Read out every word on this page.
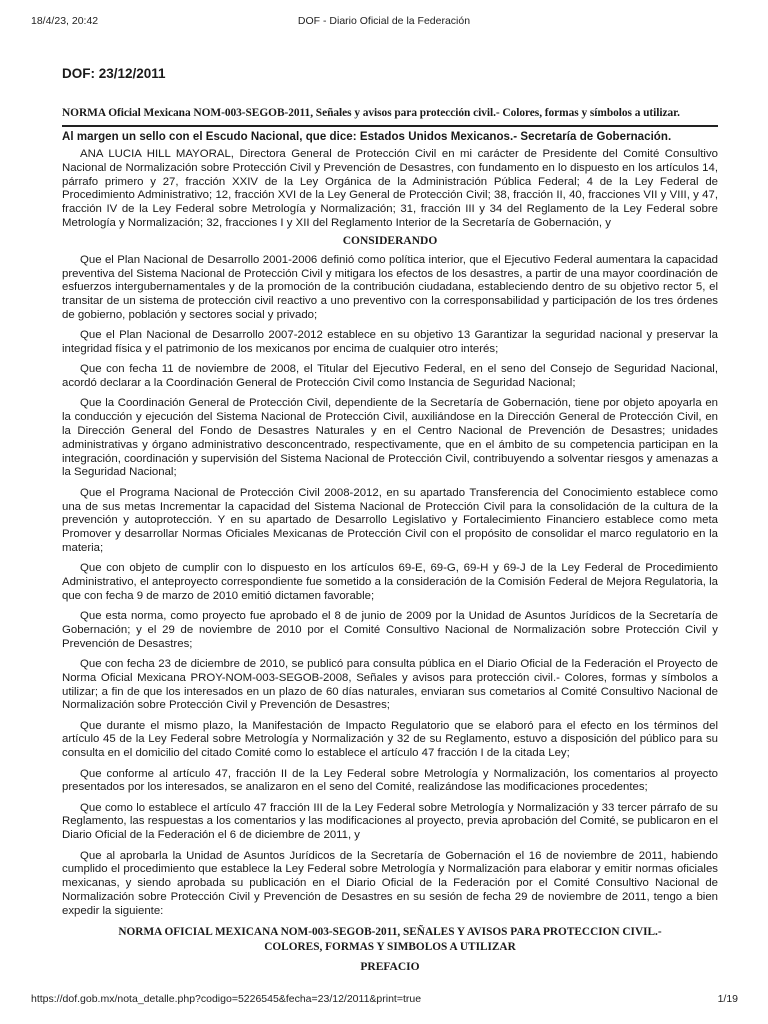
18/4/23, 20:42	DOF - Diario Oficial de la Federación
DOF: 23/12/2011
NORMA Oficial Mexicana NOM-003-SEGOB-2011, Señales y avisos para protección civil.- Colores, formas y símbolos a utilizar.
Al margen un sello con el Escudo Nacional, que dice: Estados Unidos Mexicanos.- Secretaría de Gobernación.

ANA LUCIA HILL MAYORAL, Directora General de Protección Civil en mi carácter de Presidente del Comité Consultivo Nacional de Normalización sobre Protección Civil y Prevención de Desastres, con fundamento en lo dispuesto en los artículos 14, párrafo primero y 27, fracción XXIV de la Ley Orgánica de la Administración Pública Federal; 4 de la Ley Federal de Procedimiento Administrativo; 12, fracción XVI de la Ley General de Protección Civil; 38, fracción II, 40, fracciones VII y VIII, y 47, fracción IV de la Ley Federal sobre Metrología y Normalización; 31, fracción III y 34 del Reglamento de la Ley Federal sobre Metrología y Normalización; 32, fracciones I y XII del Reglamento Interior de la Secretaría de Gobernación, y

CONSIDERANDO

Que el Plan Nacional de Desarrollo 2001-2006 definió como política interior, que el Ejecutivo Federal aumentara la capacidad preventiva del Sistema Nacional de Protección Civil y mitigara los efectos de los desastres, a partir de una mayor coordinación de esfuerzos intergubernamentales y de la promoción de la contribución ciudadana, estableciendo dentro de su objetivo rector 5, el transitar de un sistema de protección civil reactivo a uno preventivo con la corresponsabilidad y participación de los tres órdenes de gobierno, población y sectores social y privado;

Que el Plan Nacional de Desarrollo 2007-2012 establece en su objetivo 13 Garantizar la seguridad nacional y preservar la integridad física y el patrimonio de los mexicanos por encima de cualquier otro interés;

Que con fecha 11 de noviembre de 2008, el Titular del Ejecutivo Federal, en el seno del Consejo de Seguridad Nacional, acordó declarar a la Coordinación General de Protección Civil como Instancia de Seguridad Nacional;

Que la Coordinación General de Protección Civil, dependiente de la Secretaría de Gobernación, tiene por objeto apoyarla en la conducción y ejecución del Sistema Nacional de Protección Civil, auxiliándose en la Dirección General de Protección Civil, en la Dirección General del Fondo de Desastres Naturales y en el Centro Nacional de Prevención de Desastres; unidades administrativas y órgano administrativo desconcentrado, respectivamente, que en el ámbito de su competencia participan en la integración, coordinación y supervisión del Sistema Nacional de Protección Civil, contribuyendo a solventar riesgos y amenazas a la Seguridad Nacional;

Que el Programa Nacional de Protección Civil 2008-2012, en su apartado Transferencia del Conocimiento establece como una de sus metas Incrementar la capacidad del Sistema Nacional de Protección Civil para la consolidación de la cultura de la prevención y autoprotección. Y en su apartado de Desarrollo Legislativo y Fortalecimiento Financiero establece como meta Promover y desarrollar Normas Oficiales Mexicanas de Protección Civil con el propósito de consolidar el marco regulatorio en la materia;

Que con objeto de cumplir con lo dispuesto en los artículos 69-E, 69-G, 69-H y 69-J de la Ley Federal de Procedimiento Administrativo, el anteproyecto correspondiente fue sometido a la consideración de la Comisión Federal de Mejora Regulatoria, la que con fecha 9 de marzo de 2010 emitió dictamen favorable;

Que esta norma, como proyecto fue aprobado el 8 de junio de 2009 por la Unidad de Asuntos Jurídicos de la Secretaría de Gobernación; y el 29 de noviembre de 2010 por el Comité Consultivo Nacional de Normalización sobre Protección Civil y Prevención de Desastres;

Que con fecha 23 de diciembre de 2010, se publicó para consulta pública en el Diario Oficial de la Federación el Proyecto de Norma Oficial Mexicana PROY-NOM-003-SEGOB-2008, Señales y avisos para protección civil.- Colores, formas y símbolos a utilizar; a fin de que los interesados en un plazo de 60 días naturales, enviaran sus cometarios al Comité Consultivo Nacional de Normalización sobre Protección Civil y Prevención de Desastres;

Que durante el mismo plazo, la Manifestación de Impacto Regulatorio que se elaboró para el efecto en los términos del artículo 45 de la Ley Federal sobre Metrología y Normalización y 32 de su Reglamento, estuvo a disposición del público para su consulta en el domicilio del citado Comité como lo establece el artículo 47 fracción I de la citada Ley;

Que conforme al artículo 47, fracción II de la Ley Federal sobre Metrología y Normalización, los comentarios al proyecto presentados por los interesados, se analizaron en el seno del Comité, realizándose las modificaciones procedentes;

Que como lo establece el artículo 47 fracción III de la Ley Federal sobre Metrología y Normalización y 33 tercer párrafo de su Reglamento, las respuestas a los comentarios y las modificaciones al proyecto, previa aprobación del Comité, se publicaron en el Diario Oficial de la Federación el 6 de diciembre de 2011, y

Que al aprobarla la Unidad de Asuntos Jurídicos de la Secretaría de Gobernación el 16 de noviembre de 2011, habiendo cumplido el procedimiento que establece la Ley Federal sobre Metrología y Normalización para elaborar y emitir normas oficiales mexicanas, y siendo aprobada su publicación en el Diario Oficial de la Federación por el Comité Consultivo Nacional de Normalización sobre Protección Civil y Prevención de Desastres en su sesión de fecha 29 de noviembre de 2011, tengo a bien expedir la siguiente:

NORMA OFICIAL MEXICANA NOM-003-SEGOB-2011, SEÑALES Y AVISOS PARA PROTECCION CIVIL.-
COLORES, FORMAS Y SIMBOLOS A UTILIZAR
PREFACIO
https://dof.gob.mx/nota_detalle.php?codigo=5226545&fecha=23/12/2011&print=true	1/19
